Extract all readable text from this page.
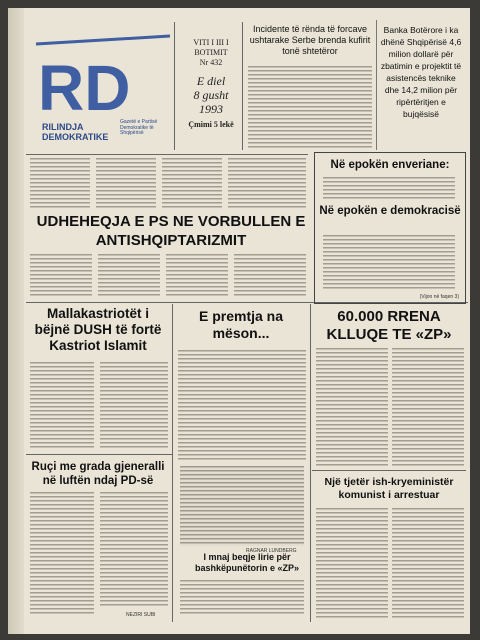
RD
RILINDJA
DEMOKRATIKE
Gazetë e Partisë Demokratike të Shqipërisë
VITI I III I BOTIMIT
Nr 432
E diel
8 gusht
1993
Çmimi 5 lekë
Incidente të rënda të forcave ushtarake Serbe brenda kufirit tonë shtetëror
Banka Botërore i ka dhënë Shqipërisë 4,6 milion dollarë për zbatimin e projektit të asistencës teknike dhe 14,2 milion për ripërtëritjen e bujqësisë
UDHEHEQJA E PS NE VORBULLEN E ANTISHQIPTARIZMIT
Në epokën enveriane:
Në epokën e demokracisë
(Vijon në faqen 3)
Mallakastriotët i bëjnë DUSH të fortë Kastriot Islamit
Ruçi me grada gjeneralli në luftën ndaj PD-së
NEZIRI SUBI
E premtja na mëson...
RAGNAR LUNDBERG
I mnaj beqje lirie për bashkëpunëtorin e «ZP»
60.000 RRENA KLLUQE TE «ZP»
Një tjetër ish-kryeministër komunist i arrestuar
